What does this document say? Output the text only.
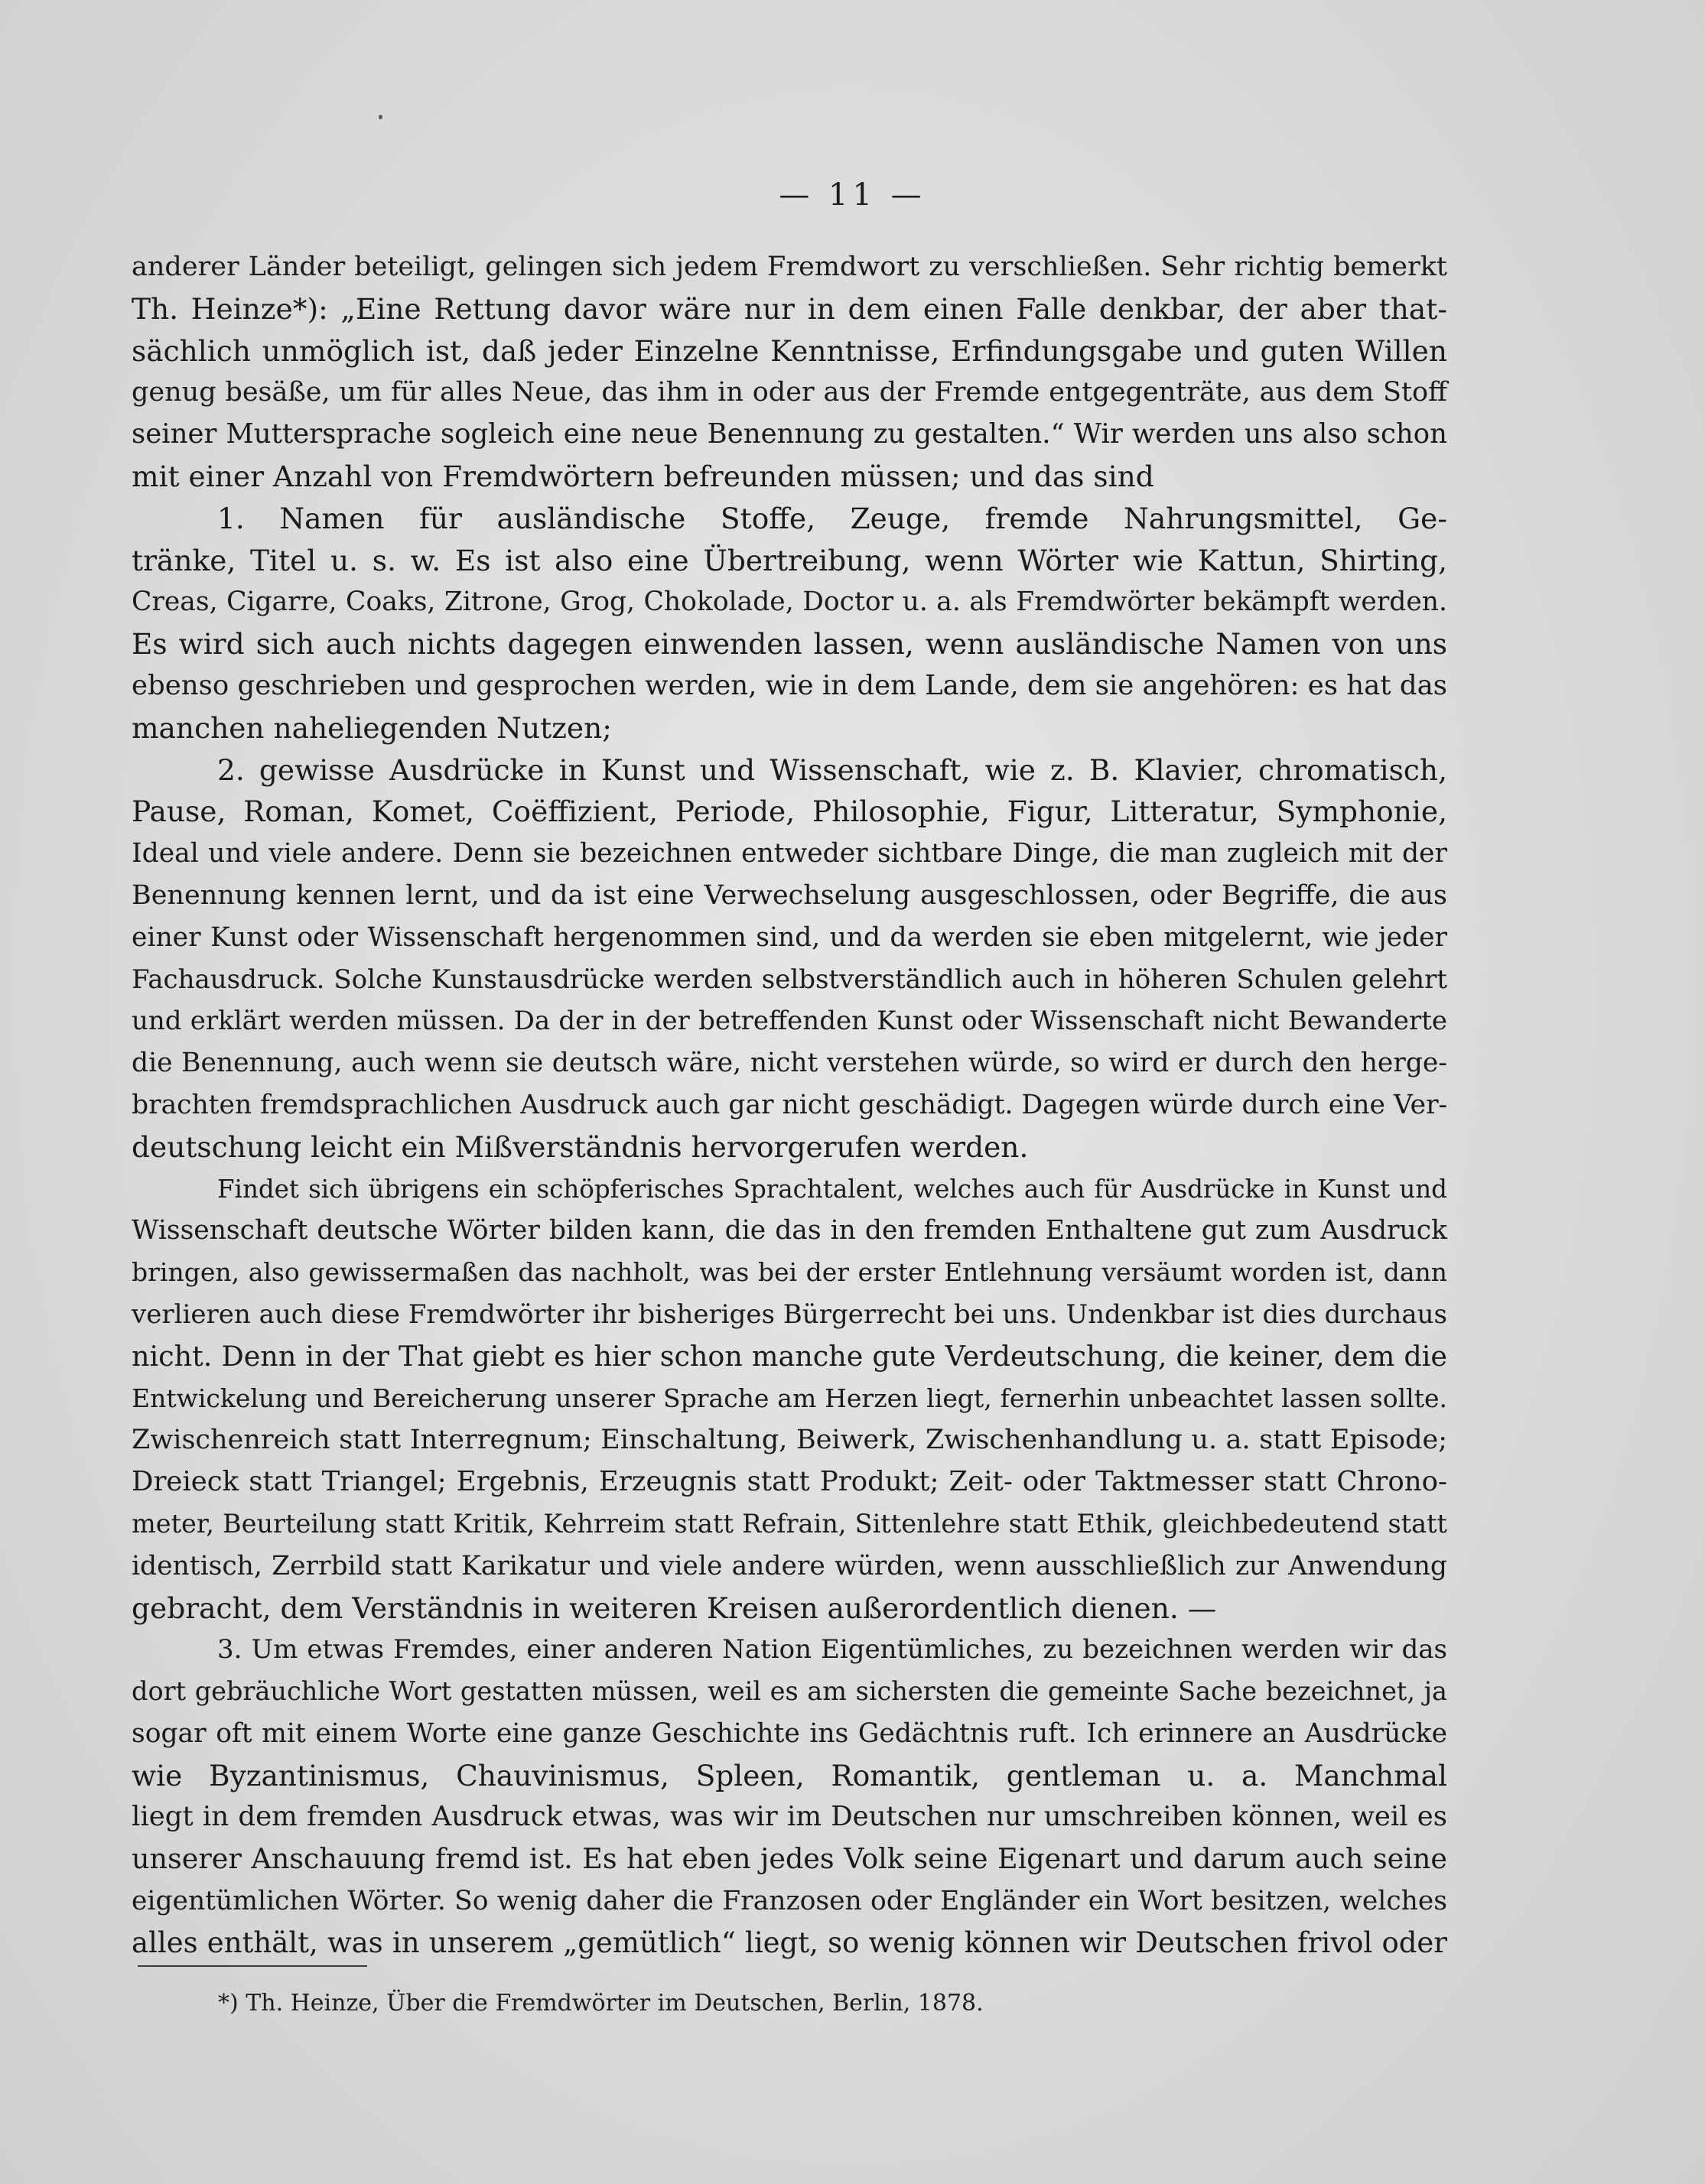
— 11 —
anderer Länder beteiligt, gelingen sich jedem Fremdwort zu verschließen. Sehr richtig bemerkt
Th. Heinze*): „Eine Rettung davor wäre nur in dem einen Falle denkbar, der aber that-
sächlich unmöglich ist, daß jeder Einzelne Kenntnisse, Erfindungsgabe und guten Willen
genug besäße, um für alles Neue, das ihm in oder aus der Fremde entgegenträte, aus dem Stoff
seiner Muttersprache sogleich eine neue Benennung zu gestalten.“ Wir werden uns also schon
mit einer Anzahl von Fremdwörtern befreunden müssen; und das sind
1. Namen für ausländische Stoffe, Zeuge, fremde Nahrungsmittel, Ge-
tränke, Titel u. s. w. Es ist also eine Übertreibung, wenn Wörter wie Kattun, Shirting,
Creas, Cigarre, Coaks, Zitrone, Grog, Chokolade, Doctor u. a. als Fremdwörter bekämpft werden.
Es wird sich auch nichts dagegen einwenden lassen, wenn ausländische Namen von uns
ebenso geschrieben und gesprochen werden, wie in dem Lande, dem sie angehören: es hat das
manchen naheliegenden Nutzen;
2. gewisse Ausdrücke in Kunst und Wissenschaft, wie z. B. Klavier, chromatisch,
Pause, Roman, Komet, Coëffizient, Periode, Philosophie, Figur, Litteratur, Symphonie,
Ideal und viele andere. Denn sie bezeichnen entweder sichtbare Dinge, die man zugleich mit der
Benennung kennen lernt, und da ist eine Verwechselung ausgeschlossen, oder Begriffe, die aus
einer Kunst oder Wissenschaft hergenommen sind, und da werden sie eben mitgelernt, wie jeder
Fachausdruck. Solche Kunstausdrücke werden selbstverständlich auch in höheren Schulen gelehrt
und erklärt werden müssen. Da der in der betreffenden Kunst oder Wissenschaft nicht Bewanderte
die Benennung, auch wenn sie deutsch wäre, nicht verstehen würde, so wird er durch den herge-
brachten fremdsprachlichen Ausdruck auch gar nicht geschädigt. Dagegen würde durch eine Ver-
deutschung leicht ein Mißverständnis hervorgerufen werden.
Findet sich übrigens ein schöpferisches Sprachtalent, welches auch für Ausdrücke in Kunst und
Wissenschaft deutsche Wörter bilden kann, die das in den fremden Enthaltene gut zum Ausdruck
bringen, also gewissermaßen das nachholt, was bei der erster Entlehnung versäumt worden ist, dann
verlieren auch diese Fremdwörter ihr bisheriges Bürgerrecht bei uns. Undenkbar ist dies durchaus
nicht. Denn in der That giebt es hier schon manche gute Verdeutschung, die keiner, dem die
Entwickelung und Bereicherung unserer Sprache am Herzen liegt, fernerhin unbeachtet lassen sollte.
Zwischenreich statt Interregnum; Einschaltung, Beiwerk, Zwischenhandlung u. a. statt Episode;
Dreieck statt Triangel; Ergebnis, Erzeugnis statt Produkt; Zeit- oder Taktmesser statt Chrono-
meter, Beurteilung statt Kritik, Kehrreim statt Refrain, Sittenlehre statt Ethik, gleichbedeutend statt
identisch, Zerrbild statt Karikatur und viele andere würden, wenn ausschließlich zur Anwendung
gebracht, dem Verständnis in weiteren Kreisen außerordentlich dienen. —
3. Um etwas Fremdes, einer anderen Nation Eigentümliches, zu bezeichnen werden wir das
dort gebräuchliche Wort gestatten müssen, weil es am sichersten die gemeinte Sache bezeichnet, ja
sogar oft mit einem Worte eine ganze Geschichte ins Gedächtnis ruft. Ich erinnere an Ausdrücke
wie Byzantinismus, Chauvinismus, Spleen, Romantik, gentleman u. a. Manchmal
liegt in dem fremden Ausdruck etwas, was wir im Deutschen nur umschreiben können, weil es
unserer Anschauung fremd ist. Es hat eben jedes Volk seine Eigenart und darum auch seine
eigentümlichen Wörter. So wenig daher die Franzosen oder Engländer ein Wort besitzen, welches
alles enthält, was in unserem „gemütlich“ liegt, so wenig können wir Deutschen frivol oder
*) Th. Heinze, Über die Fremdwörter im Deutschen, Berlin, 1878.
